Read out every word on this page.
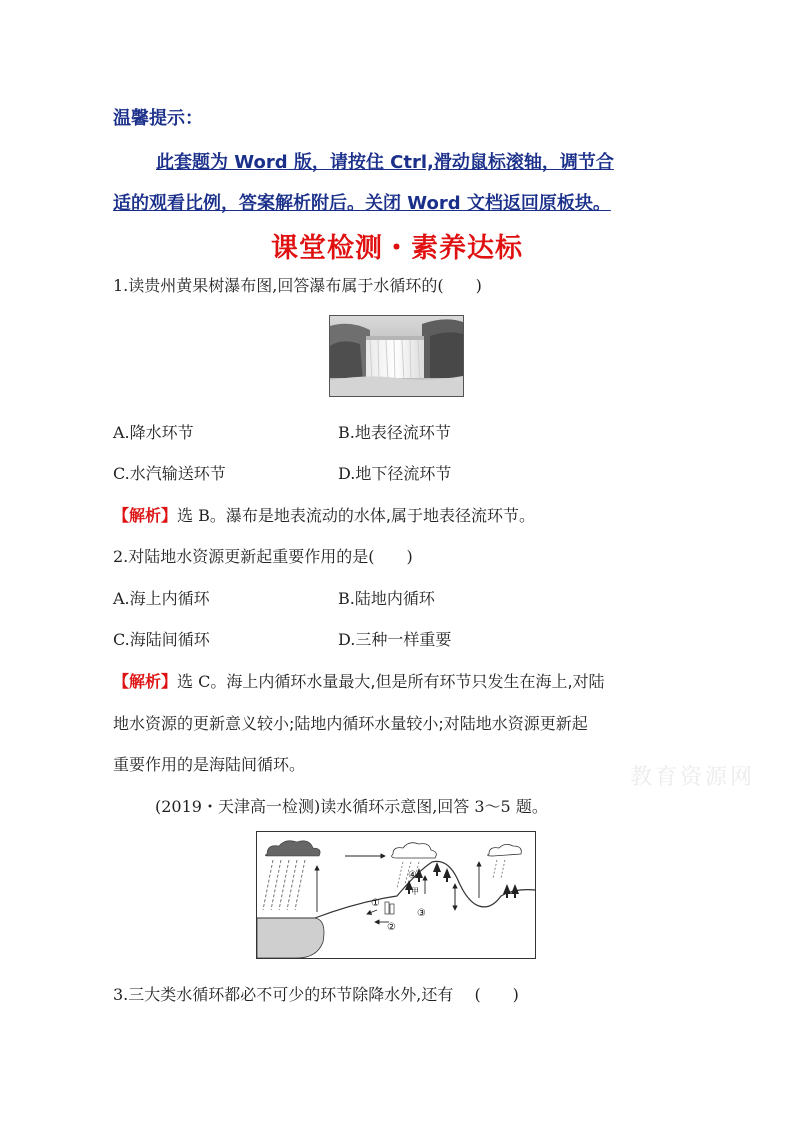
温馨提示：
此套题为 Word 版，请按住 Ctrl,滑动鼠标滚轴，调节合
适的观看比例，答案解析附后。关闭 Word 文档返回原板块。
课堂检测・素养达标
1.读贵州黄果树瀑布图,回答瀑布属于水循环的(　　)
A.降水环节	B.地表径流环节
C.水汽输送环节	D.地下径流环节
【解析】选 B。瀑布是地表流动的水体,属于地表径流环节。
2.对陆地水资源更新起重要作用的是(　　)
A.海上内循环	B.陆地内循环
C.海陆间循环	D.三种一样重要
【解析】选 C。海上内循环水量最大,但是所有环节只发生在海上,对陆
地水资源的更新意义较小;陆地内循环水量较小;对陆地水资源更新起
重要作用的是海陆间循环。
教育资源网
(2019・天津高一检测)读水循环示意图,回答 3～5 题。
①
②
③
④
甲
3.三大类水循环都必不可少的环节除降水外,还有 　(　　)
